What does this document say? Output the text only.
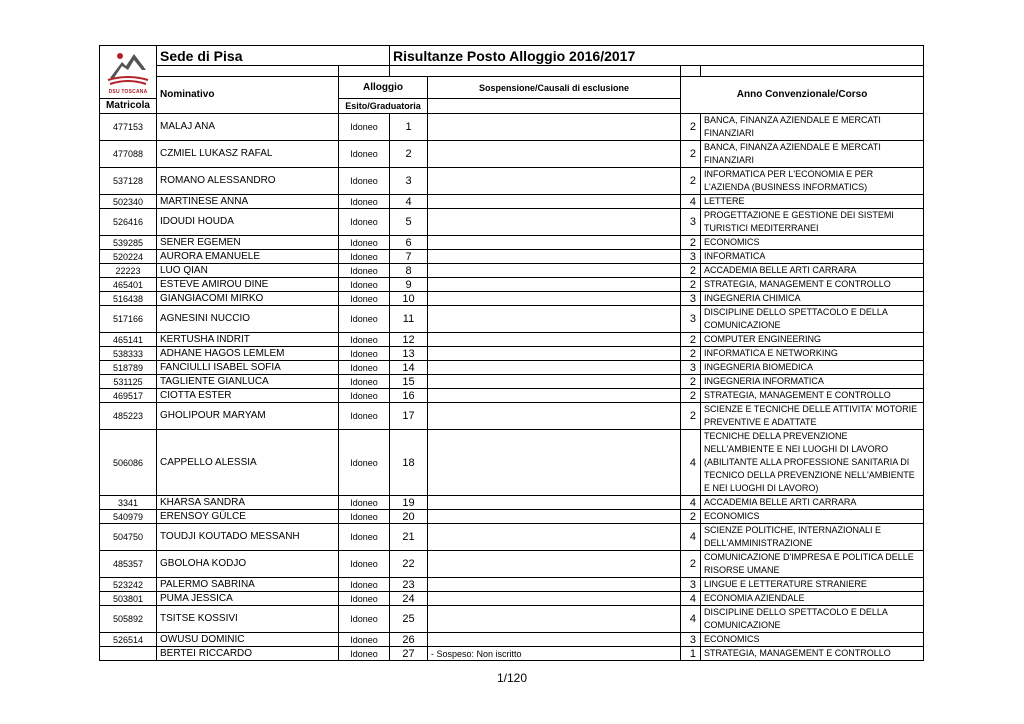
DSU TOSCANA	Sede di Pisa		Risultanze Posto Alloggio 2016/2017			

	Nominativo	Alloggio		Sospensione/Causali di esclusione	Anno Convenzionale/Corso	
Matricola		Esito/Graduatoria				
477153	MALAJ ANA	Idoneo	1		2	BANCA, FINANZA AZIENDALE E MERCATI FINANZIARI
477088	CZMIEL LUKASZ RAFAL	Idoneo	2		2	BANCA, FINANZA AZIENDALE E MERCATI FINANZIARI
537128	ROMANO ALESSANDRO	Idoneo	3		2	INFORMATICA PER L'ECONOMIA E PER L'AZIENDA (BUSINESS INFORMATICS)
502340	MARTINESE ANNA	Idoneo	4		4	LETTERE
526416	IDOUDI HOUDA	Idoneo	5		3	PROGETTAZIONE E GESTIONE DEI SISTEMI TURISTICI MEDITERRANEI
539285	SENER EGEMEN	Idoneo	6		2	ECONOMICS
520224	AURORA EMANUELE	Idoneo	7		3	INFORMATICA
22223	LUO QIAN	Idoneo	8		2	ACCADEMIA BELLE ARTI CARRARA
465401	ESTEVE AMIROU DINE	Idoneo	9		2	STRATEGIA, MANAGEMENT E CONTROLLO
516438	GIANGIACOMI MIRKO	Idoneo	10		3	INGEGNERIA CHIMICA
517166	AGNESINI NUCCIO	Idoneo	11		3	DISCIPLINE DELLO SPETTACOLO E DELLA COMUNICAZIONE
465141	KERTUSHA INDRIT	Idoneo	12		2	COMPUTER ENGINEERING
538333	ADHANE HAGOS LEMLEM	Idoneo	13		2	INFORMATICA E NETWORKING
518789	FANCIULLI ISABEL SOFIA	Idoneo	14		3	INGEGNERIA BIOMEDICA
531125	TAGLIENTE GIANLUCA	Idoneo	15		2	INGEGNERIA INFORMATICA
469517	CIOTTA ESTER	Idoneo	16		2	STRATEGIA, MANAGEMENT E CONTROLLO
485223	GHOLIPOUR MARYAM	Idoneo	17		2	SCIENZE E TECNICHE DELLE ATTIVITA' MOTORIE PREVENTIVE E ADATTATE
506086	CAPPELLO ALESSIA	Idoneo	18		4	TECNICHE DELLA PREVENZIONE NELL'AMBIENTE E NEI LUOGHI DI LAVORO (ABILITANTE ALLA PROFESSIONE SANITARIA DI TECNICO DELLA PREVENZIONE NELL'AMBIENTE E NEI LUOGHI DI LAVORO)
3341	KHARSA SANDRA	Idoneo	19		4	ACCADEMIA BELLE ARTI CARRARA
540979	ERENSOY GÜLCE	Idoneo	20		2	ECONOMICS
504750	TOUDJI KOUTADO MESSANH	Idoneo	21		4	SCIENZE POLITICHE, INTERNAZIONALI E DELL'AMMINISTRAZIONE
485357	GBOLOHA KODJO	Idoneo	22		2	COMUNICAZIONE D'IMPRESA E POLITICA DELLE RISORSE UMANE
523242	PALERMO SABRINA	Idoneo	23		3	LINGUE E LETTERATURE STRANIERE
503801	PUMA JESSICA	Idoneo	24		4	ECONOMIA AZIENDALE
505892	TSITSE KOSSIVI	Idoneo	25		4	DISCIPLINE DELLO SPETTACOLO E DELLA COMUNICAZIONE
526514	OWUSU DOMINIC	Idoneo	26		3	ECONOMICS
	BERTEI RICCARDO	Idoneo	27	- Sospeso: Non iscritto	1	STRATEGIA, MANAGEMENT E CONTROLLO
1/120
